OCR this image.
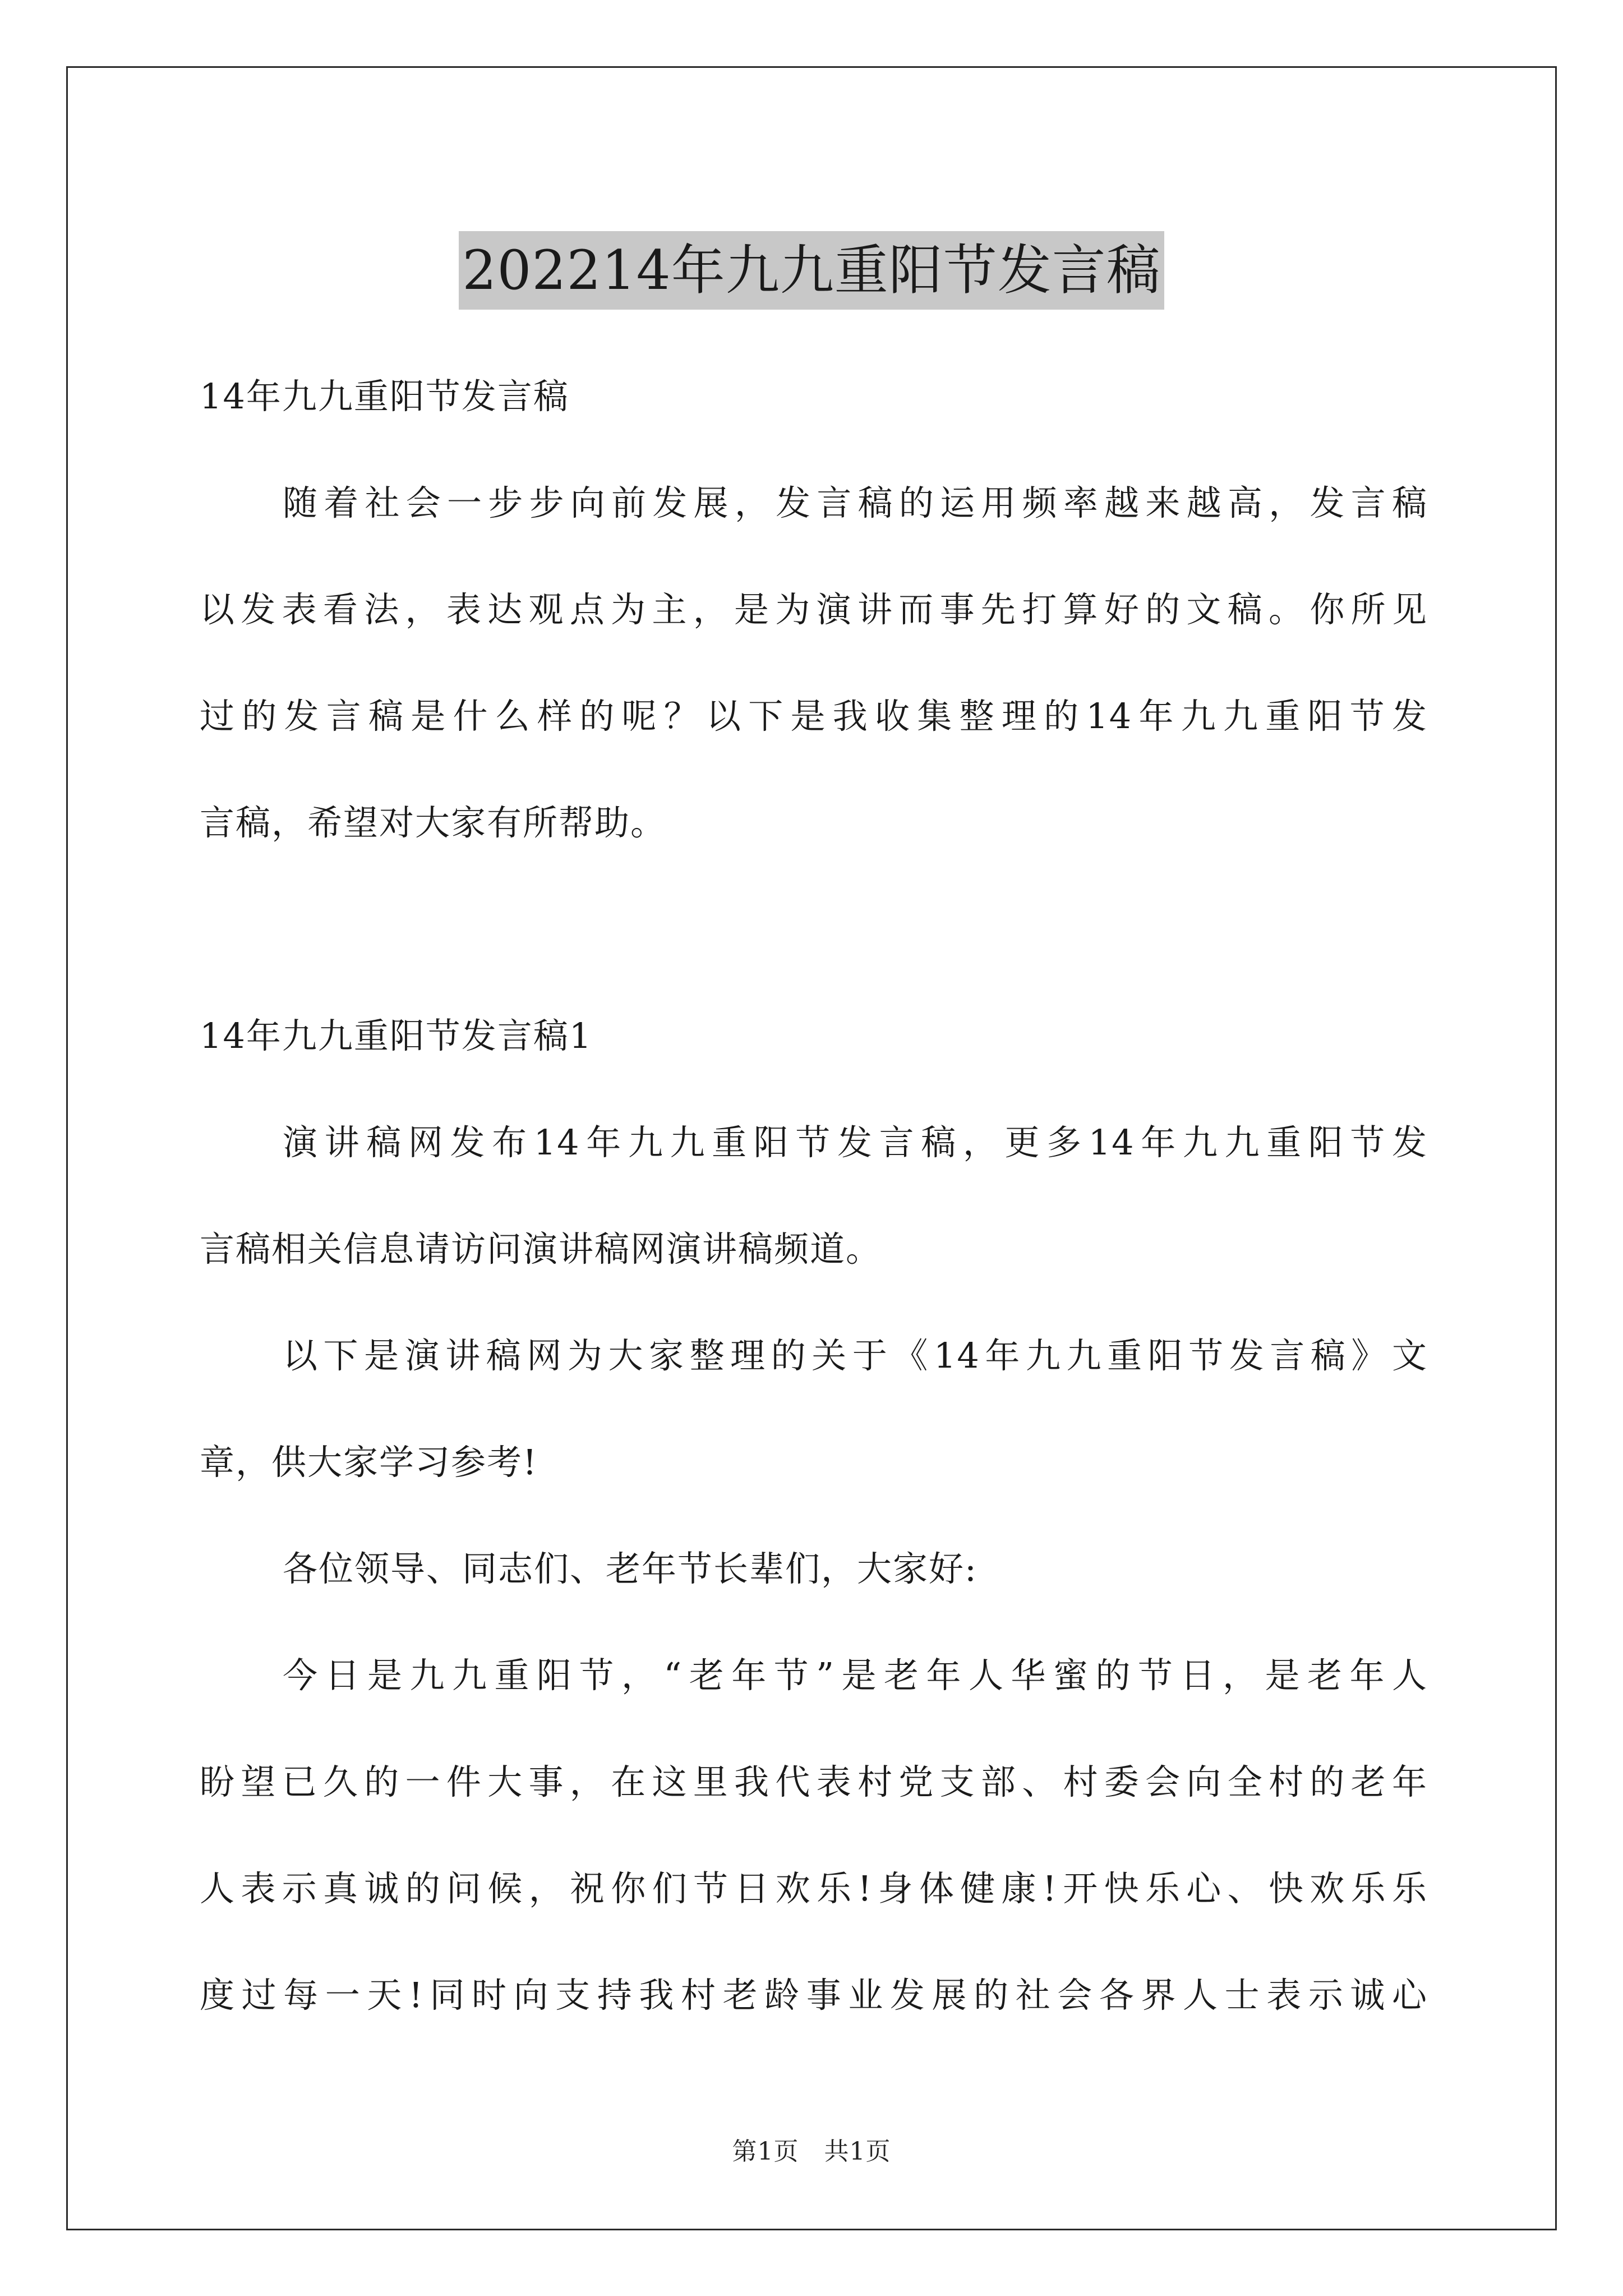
202214年九九重阳节发言稿
14年九九重阳节发言稿
随着社会一步步向前发展，发言稿的运用频率越来越高，发言稿
以发表看法，表达观点为主，是为演讲而事先打算好的文稿。你所见
过的发言稿是什么样的呢？以下是我收集整理的14年九九重阳节发
言稿，希望对大家有所帮助。
14年九九重阳节发言稿1
演讲稿网发布14年九九重阳节发言稿，更多14年九九重阳节发
言稿相关信息请访问演讲稿网演讲稿频道。
以下是演讲稿网为大家整理的关于《14年九九重阳节发言稿》文
章，供大家学习参考!
各位领导、同志们、老年节长辈们，大家好:
今日是九九重阳节，“老年节”是老年人华蜜的节日，是老年人
盼望已久的一件大事，在这里我代表村党支部、村委会向全村的老年
人表示真诚的问候，祝你们节日欢乐!身体健康!开快乐心、快欢乐乐
度过每一天!同时向支持我村老龄事业发展的社会各界人士表示诚心
第1页　共1页
